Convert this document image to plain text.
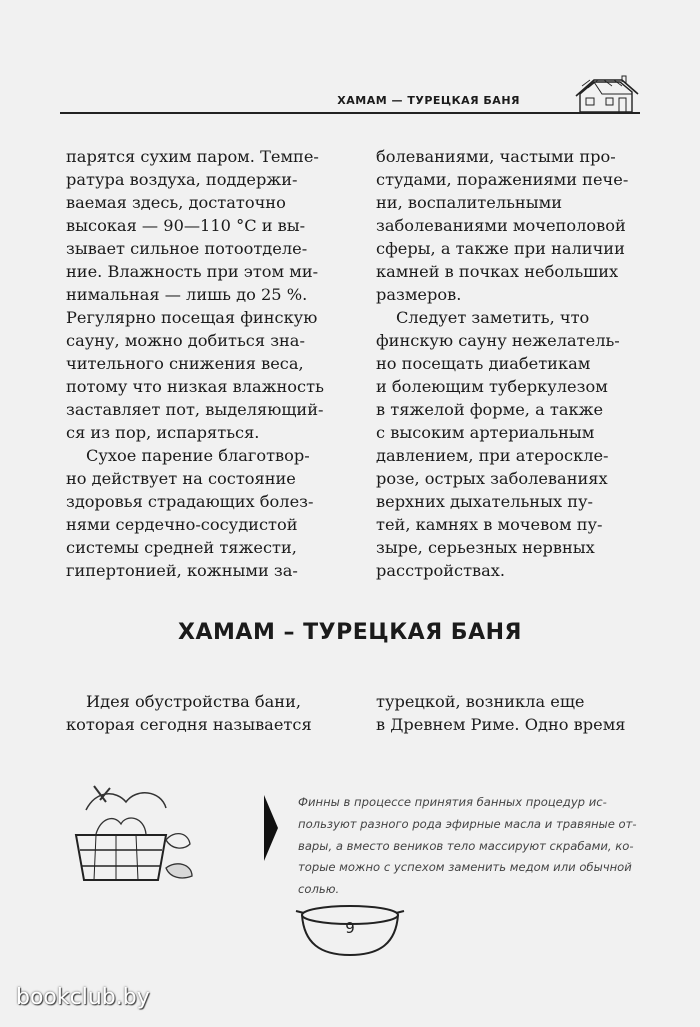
ХАМАМ — ТУРЕЦКАЯ БАНЯ

парятся сухим паром. Темпе-
ратура воздуха, поддержи-
ваемая здесь, достаточно
высокая — 90—110 °С и вы-
зывает сильное потоотделе-
ние. Влажность при этом ми-
нимальная — лишь до 25 %.
Регулярно посещая финскую
сауну, можно добиться зна-
чительного снижения веса,
потому что низкая влажность
заставляет пот, выделяющий-
ся из пор, испаряться.

Сухое парение благотвор-
но действует на состояние
здоровья страдающих болез-
нями сердечно-сосудистой
системы средней тяжести,
гипертонией, кожными за-

болеваниями, частыми про-
студами, поражениями пече-
ни, воспалительными
заболеваниями мочеполовой
сферы, а также при наличии
камней в почках небольших
размеров.

Следует заметить, что
финскую сауну нежелатель-
но посещать диабетикам
и болеющим туберкулезом
в тяжелой форме, а также
с высоким артериальным
давлением, при атероскле-
розе, острых заболеваниях
верхних дыхательных пу-
тей, камнях в мочевом пу-
зыре, серьезных нервных
расстройствах.

ХАМАМ – ТУРЕЦКАЯ БАНЯ

Идея обустройства бани,
которая сегодня называется

турецкой, возникла еще
в Древнем Риме. Одно время

Финны в процессе принятия банных процедур ис-
пользуют разного рода эфирные масла и травяные от-
вары, а вместо веников тело массируют скрабами, ко-
торые можно с успехом заменить медом или обычной
солью.
9
bookclub.by
